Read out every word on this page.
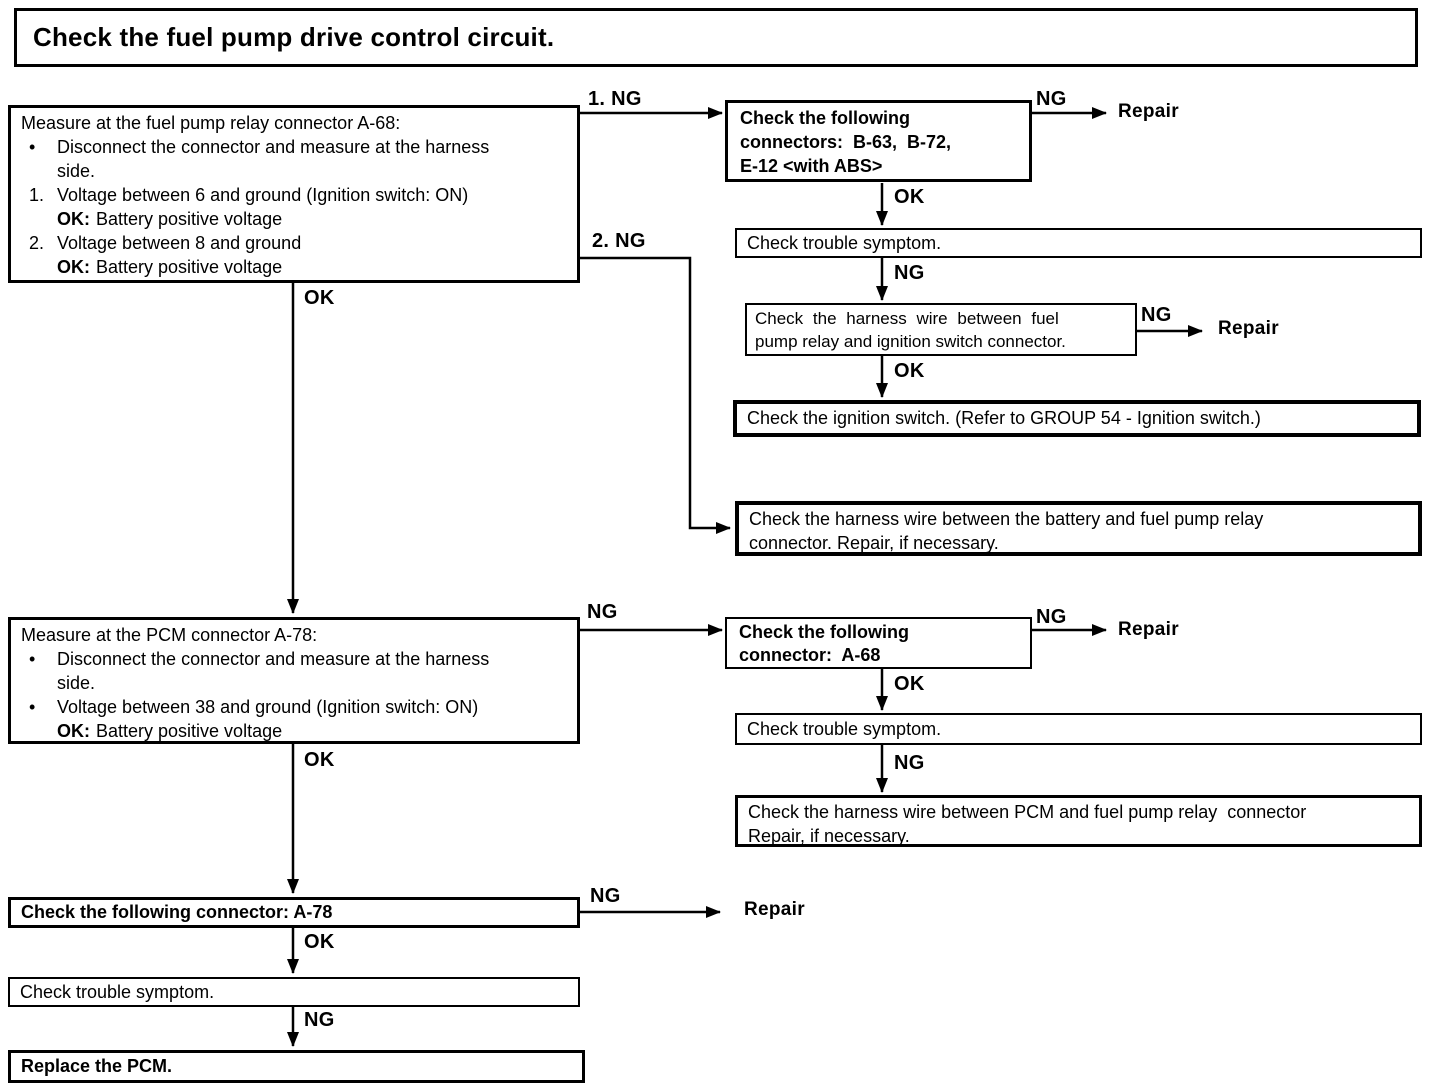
Check the fuel pump drive control circuit.
Measure at the fuel pump relay connector A-68:
•	Disconnect the connector and measure at the harness side.
1. Voltage between 6 and ground (Ignition switch: ON)
OK: Battery positive voltage
2. Voltage between 8 and ground
OK: Battery positive voltage
Check the following
connectors:  B-63,  B-72,
E-12 <with ABS>
Check trouble symptom.
Check the harness wire between fuel
pump relay and ignition switch connector.
Check the ignition switch. (Refer to GROUP 54 - Ignition switch.)
Check the harness wire between the battery and fuel pump relay
connector. Repair, if necessary.
Measure at the PCM connector A-78:
•	Disconnect the connector and measure at the harness side.
•	Voltage between 38 and ground (Ignition switch: ON)
OK: Battery positive voltage
Check the following
connector:  A-68
Check trouble symptom.
Check the harness wire between PCM and fuel pump relay  connector
Repair, if necessary.
Check the following connector: A-78
Check trouble symptom.
Replace the PCM.
1. NG	NG
OK
NG
NG
OK
2. NG
OK
NG	NG
OK
NG
OK
NG
OK
NG
Repair
Repair
Repair
Repair
